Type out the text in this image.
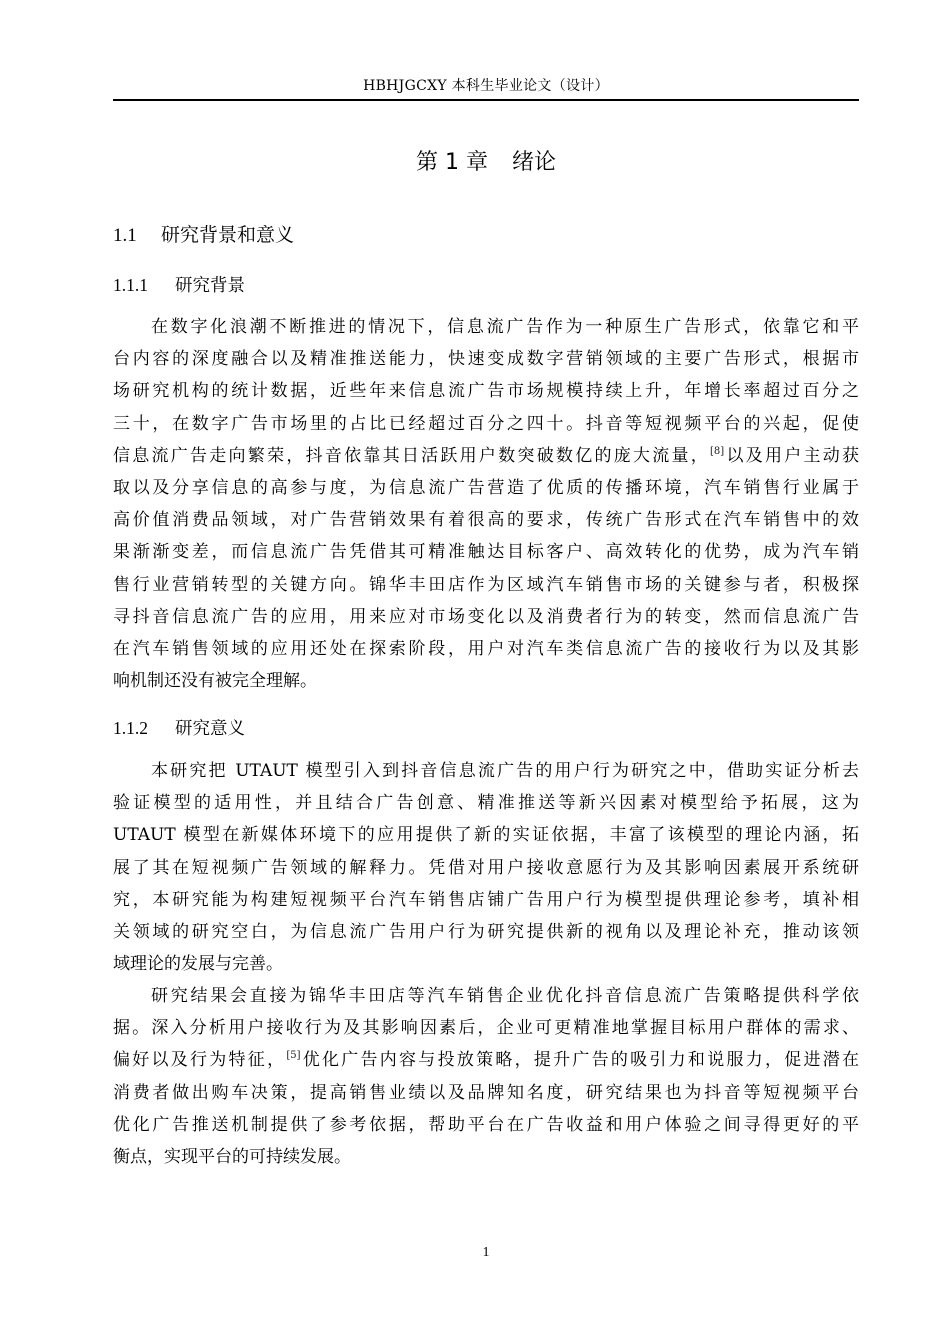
HBHJGCXY 本科生毕业论文（设计）
第 1 章 绪论
1.1 研究背景和意义
1.1.1 研究背景
在数字化浪潮不断推进的情况下，信息流广告作为一种原生广告形式，依靠它和平
台内容的深度融合以及精准推送能力，快速变成数字营销领域的主要广告形式，根据市
场研究机构的统计数据，近些年来信息流广告市场规模持续上升，年增长率超过百分之
三十，在数字广告市场里的占比已经超过百分之四十。抖音等短视频平台的兴起，促使
信息流广告走向繁荣，抖音依靠其日活跃用户数突破数亿的庞大流量，[8]以及用户主动获
取以及分享信息的高参与度，为信息流广告营造了优质的传播环境，汽车销售行业属于
高价值消费品领域，对广告营销效果有着很高的要求，传统广告形式在汽车销售中的效
果渐渐变差，而信息流广告凭借其可精准触达目标客户、高效转化的优势，成为汽车销
售行业营销转型的关键方向。锦华丰田店作为区域汽车销售市场的关键参与者，积极探
寻抖音信息流广告的应用，用来应对市场变化以及消费者行为的转变，然而信息流广告
在汽车销售领域的应用还处在探索阶段，用户对汽车类信息流广告的接收行为以及其影
响机制还没有被完全理解。
1.1.2 研究意义
本研究把 UTAUT 模型引入到抖音信息流广告的用户行为研究之中，借助实证分析去
验证模型的适用性，并且结合广告创意、精准推送等新兴因素对模型给予拓展，这为
UTAUT 模型在新媒体环境下的应用提供了新的实证依据，丰富了该模型的理论内涵，拓
展了其在短视频广告领域的解释力。凭借对用户接收意愿行为及其影响因素展开系统研
究，本研究能为构建短视频平台汽车销售店铺广告用户行为模型提供理论参考，填补相
关领域的研究空白，为信息流广告用户行为研究提供新的视角以及理论补充，推动该领
域理论的发展与完善。
研究结果会直接为锦华丰田店等汽车销售企业优化抖音信息流广告策略提供科学依
据。深入分析用户接收行为及其影响因素后，企业可更精准地掌握目标用户群体的需求、
偏好以及行为特征，[5]优化广告内容与投放策略，提升广告的吸引力和说服力，促进潜在
消费者做出购车决策，提高销售业绩以及品牌知名度，研究结果也为抖音等短视频平台
优化广告推送机制提供了参考依据，帮助平台在广告收益和用户体验之间寻得更好的平
衡点，实现平台的可持续发展。
1
